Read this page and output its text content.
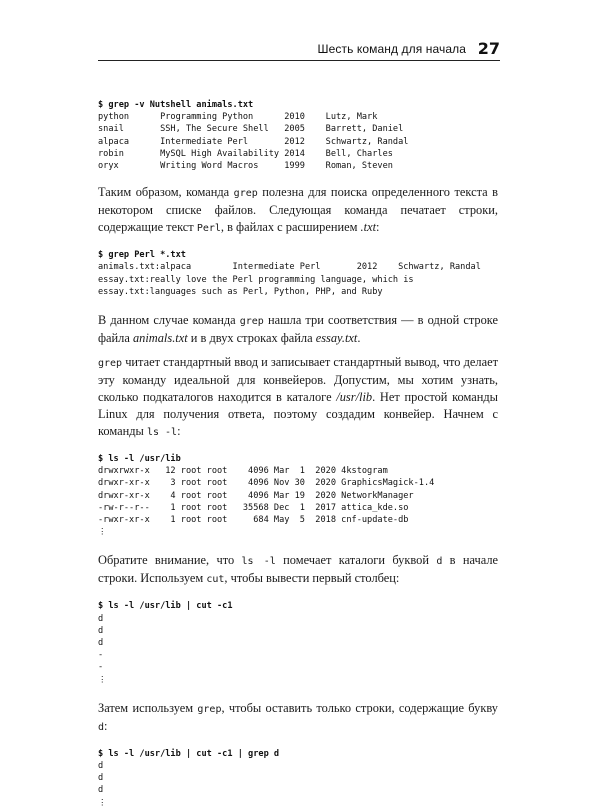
Шесть команд для начала 27
$ grep -v Nutshell animals.txt
python      Programming Python      2010    Lutz, Mark
snail       SSH, The Secure Shell   2005    Barrett, Daniel
alpaca      Intermediate Perl       2012    Schwartz, Randal
robin       MySQL High Availability 2014    Bell, Charles
oryx        Writing Word Macros     1999    Roman, Steven

Таким образом, команда grep полезна для поиска определенного текста в некотором списке файлов. Следующая команда печатает строки, содержащие текст Perl, в файлах с расширением .txt:

$ grep Perl *.txt
animals.txt:alpaca        Intermediate Perl       2012    Schwartz, Randal
essay.txt:really love the Perl programming language, which is
essay.txt:languages such as Perl, Python, PHP, and Ruby

В данном случае команда grep нашла три соответствия — в одной строке файла animals.txt и в двух строках файла essay.txt.

grep читает стандартный ввод и записывает стандартный вывод, что делает эту команду идеальной для конвейеров. Допустим, мы хотим узнать, сколько подкаталогов находится в каталоге /usr/lib. Нет простой команды Linux для получения ответа, поэтому создадим конвейер. Начнем с команды ls -l:

$ ls -l /usr/lib
drwxrwxr-x   12 root root    4096 Mar  1  2020 4kstogram
drwxr-xr-x    3 root root    4096 Nov 30  2020 GraphicsMagick-1.4
drwxr-xr-x    4 root root    4096 Mar 19  2020 NetworkManager
-rw-r--r--    1 root root   35568 Dec  1  2017 attica_kde.so
-rwxr-xr-x    1 root root     684 May  5  2018 cnf-update-db
⋮

Обратите внимание, что ls -l помечает каталоги буквой d в начале строки. Используем cut, чтобы вывести первый столбец:

$ ls -l /usr/lib | cut -c1
d
d
d
-
-
⋮

Затем используем grep, чтобы оставить только строки, содержащие букву d:

$ ls -l /usr/lib | cut -c1 | grep d
d
d
d
⋮
